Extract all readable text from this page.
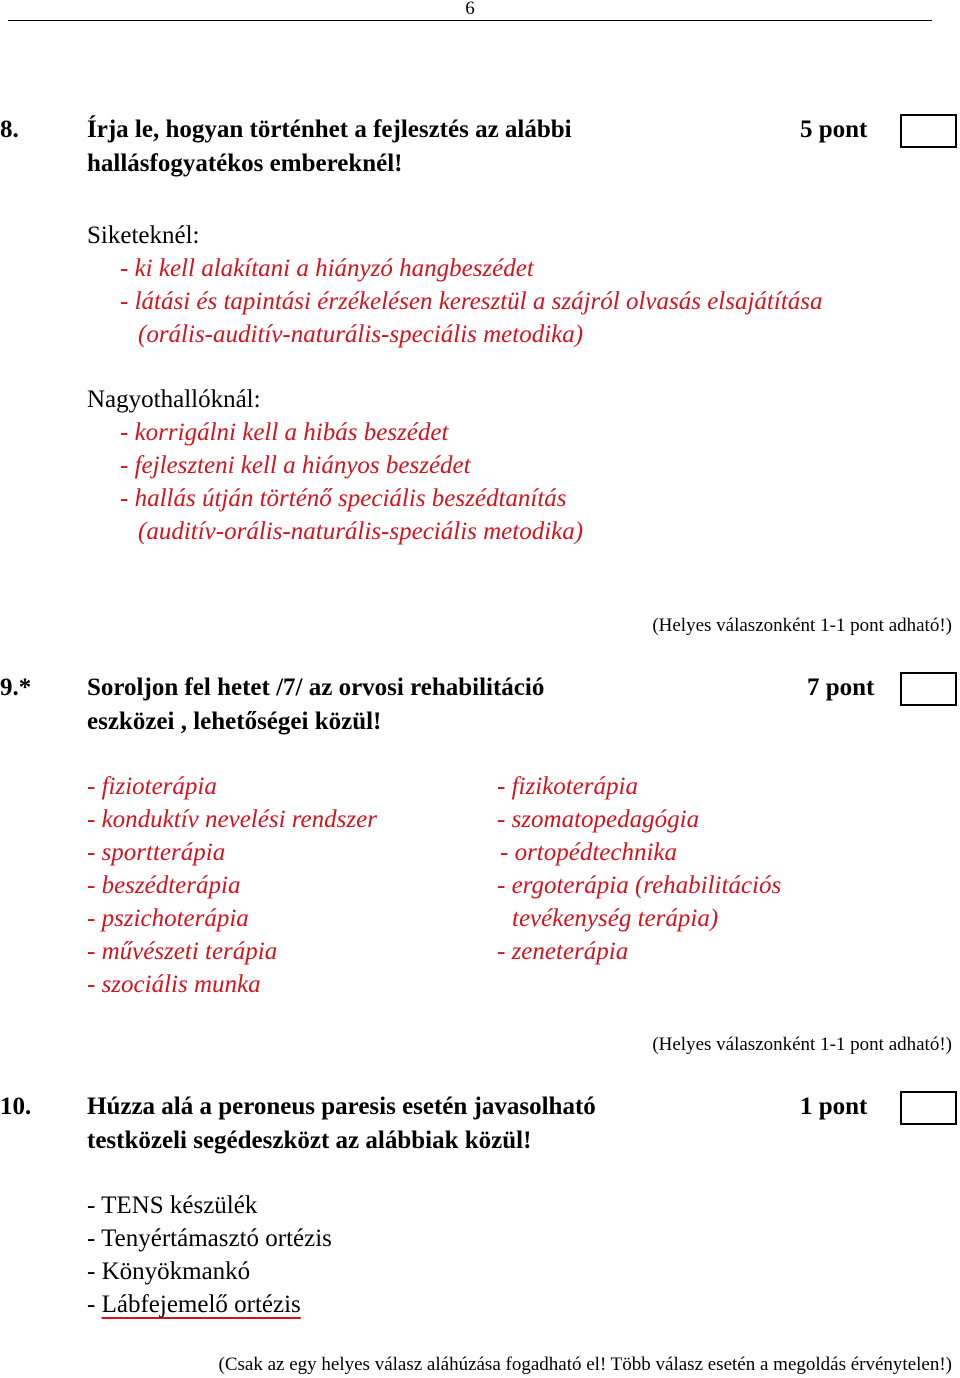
6
8.	Írja le, hogyan történhet a fejlesztés az alábbi	5 pont
hallásfogyatékos embereknél!
Siketeknél:
- ki kell alakítani a hiányzó hangbeszédet
- látási és tapintási érzékelésen keresztül a szájról olvasás elsajátítása
(orális-auditív-naturális-speciális metodika)
Nagyothallóknál:
- korrigálni kell a hibás beszédet
- fejleszteni kell a hiányos beszédet
- hallás útján történő speciális beszédtanítás
(auditív-orális-naturális-speciális metodika)
(Helyes válaszonként 1-1 pont adható!)
9.* Soroljon fel hetet /7/ az orvosi rehabilitáció	7 pont
eszközei , lehetőségei közül!
- fizioterápia
- konduktív nevelési rendszer
- sportterápia
- beszédterápia
- pszichoterápia
- művészeti terápia
- szociális munka
- fizikoterápia
- szomatopedagógia
- ortopédtechnika
- ergoterápia (rehabilitációs
tevékenység terápia)
- zeneterápia
(Helyes válaszonként 1-1 pont adható!)
10. Húzza alá a peroneus paresis esetén javasolható	1 pont
testközeli segédeszközt az alábbiak közül!
- TENS készülék
- Tenyértámasztó ortézis
- Könyökmankó
- Lábfejemelő ortézis
(Csak az egy helyes válasz aláhúzása fogadható el! Több válasz esetén a megoldás érvénytelen!)
